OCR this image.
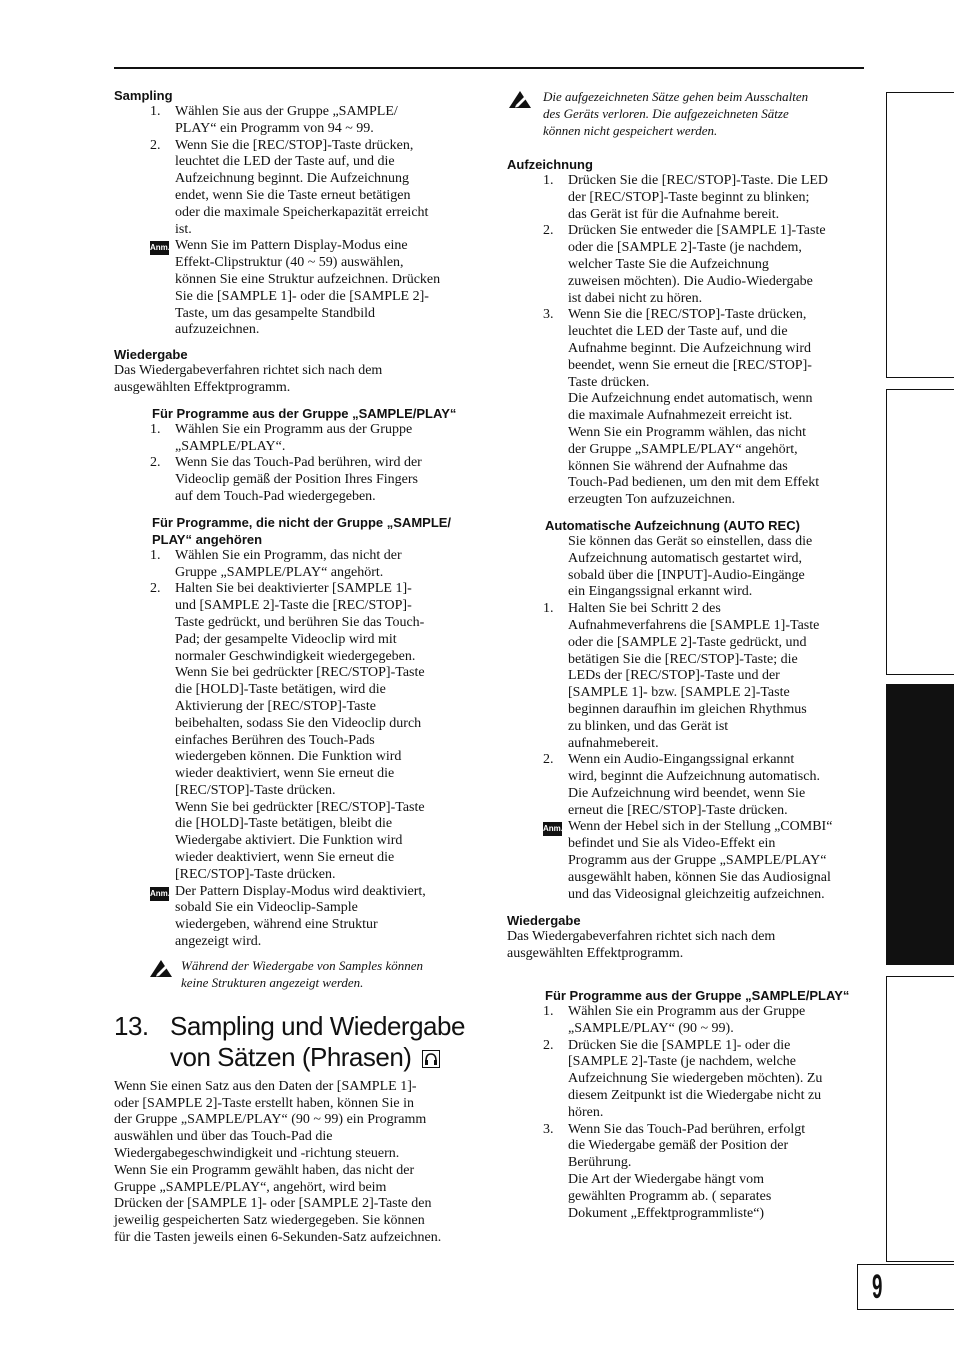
Sampling
1. Wählen Sie aus der Gruppe „SAMPLE/
PLAY“ ein Programm von 94 ~ 99.
2. Wenn Sie die [REC/STOP]-Taste drücken,
leuchtet die LED der Taste auf, und die
Aufzeichnung beginnt. Die Aufzeichnung
endet, wenn Sie die Taste erneut betätigen
oder die maximale Speicherkapazität erreicht
ist.
Anm. Wenn Sie im Pattern Display-Modus eine
Effekt-Clipstruktur (40 ~ 59) auswählen,
können Sie eine Struktur aufzeichnen. Drücken
Sie die [SAMPLE 1]- oder die [SAMPLE 2]-
Taste, um das gesampelte Standbild
aufzuzeichnen.
Wiedergabe
Das Wiedergabeverfahren richtet sich nach dem
ausgewählten Effektprogramm.
Für Programme aus der Gruppe „SAMPLE/PLAY“
1. Wählen Sie ein Programm aus der Gruppe
„SAMPLE/PLAY“.
2. Wenn Sie das Touch-Pad berühren, wird der
Videoclip gemäß der Position Ihres Fingers
auf dem Touch-Pad wiedergegeben.
Für Programme, die nicht der Gruppe „SAMPLE/
PLAY“ angehören
1. Wählen Sie ein Programm, das nicht der
Gruppe „SAMPLE/PLAY“ angehört.
2. Halten Sie bei deaktivierter [SAMPLE 1]-
und [SAMPLE 2]-Taste die [REC/STOP]-
Taste gedrückt, und berühren Sie das Touch-
Pad; der gesampelte Videoclip wird mit
normaler Geschwindigkeit wiedergegeben.
Wenn Sie bei gedrückter [REC/STOP]-Taste
die [HOLD]-Taste betätigen, wird die
Aktivierung der [REC/STOP]-Taste
beibehalten, sodass Sie den Videoclip durch
einfaches Berühren des Touch-Pads
wiedergeben können. Die Funktion wird
wieder deaktiviert, wenn Sie erneut die
[REC/STOP]-Taste drücken.
Wenn Sie bei gedrückter [REC/STOP]-Taste
die [HOLD]-Taste betätigen, bleibt die
Wiedergabe aktiviert. Die Funktion wird
wieder deaktiviert, wenn Sie erneut die
[REC/STOP]-Taste drücken.
Anm. Der Pattern Display-Modus wird deaktiviert,
sobald Sie ein Videoclip-Sample
wiedergeben, während eine Struktur
angezeigt wird.
Während der Wiedergabe von Samples können
keine Strukturen angezeigt werden.
13. Sampling und Wiedergabe
von Sätzen (Phrasen)
Wenn Sie einen Satz aus den Daten der [SAMPLE 1]-
oder [SAMPLE 2]-Taste erstellt haben, können Sie in
der Gruppe „SAMPLE/PLAY“ (90 ~ 99) ein Programm
auswählen und über das Touch-Pad die
Wiedergabegeschwindigkeit und -richtung steuern.
Wenn Sie ein Programm gewählt haben, das nicht der
Gruppe „SAMPLE/PLAY“, angehört, wird beim
Drücken der [SAMPLE 1]- oder [SAMPLE 2]-Taste den
jeweilig gespeicherten Satz wiedergegeben. Sie können
für die Tasten jeweils einen 6-Sekunden-Satz aufzeichnen.
Die aufgezeichneten Sätze gehen beim Ausschalten
des Geräts verloren. Die aufgezeichneten Sätze
können nicht gespeichert werden.
Aufzeichnung
1. Drücken Sie die [REC/STOP]-Taste. Die LED
der [REC/STOP]-Taste beginnt zu blinken;
das Gerät ist für die Aufnahme bereit.
2. Drücken Sie entweder die [SAMPLE 1]-Taste
oder die [SAMPLE 2]-Taste (je nachdem,
welcher Taste Sie die Aufzeichnung
zuweisen möchten). Die Audio-Wiedergabe
ist dabei nicht zu hören.
3. Wenn Sie die [REC/STOP]-Taste drücken,
leuchtet die LED der Taste auf, und die
Aufnahme beginnt. Die Aufzeichnung wird
beendet, wenn Sie erneut die [REC/STOP]-
Taste drücken.
Die Aufzeichnung endet automatisch, wenn
die maximale Aufnahmezeit erreicht ist.
Wenn Sie ein Programm wählen, das nicht
der Gruppe „SAMPLE/PLAY“ angehört,
können Sie während der Aufnahme das
Touch-Pad bedienen, um den mit dem Effekt
erzeugten Ton aufzuzeichnen.
Automatische Aufzeichnung (AUTO REC)
Sie können das Gerät so einstellen, dass die
Aufzeichnung automatisch gestartet wird,
sobald über die [INPUT]-Audio-Eingänge
ein Eingangssignal erkannt wird.
1. Halten Sie bei Schritt 2 des
Aufnahmeverfahrens die [SAMPLE 1]-Taste
oder die [SAMPLE 2]-Taste gedrückt, und
betätigen Sie die [REC/STOP]-Taste; die
LEDs der [REC/STOP]-Taste und der
[SAMPLE 1]- bzw. [SAMPLE 2]-Taste
beginnen daraufhin im gleichen Rhythmus
zu blinken, und das Gerät ist
aufnahmebereit.
2. Wenn ein Audio-Eingangssignal erkannt
wird, beginnt die Aufzeichnung automatisch.
Die Aufzeichnung wird beendet, wenn Sie
erneut die [REC/STOP]-Taste drücken.
Anm. Wenn der Hebel sich in der Stellung „COMBI“
befindet und Sie als Video-Effekt ein
Programm aus der Gruppe „SAMPLE/PLAY“
ausgewählt haben, können Sie das Audiosignal
und das Videosignal gleichzeitig aufzeichnen.
Wiedergabe
Das Wiedergabeverfahren richtet sich nach dem
ausgewählten Effektprogramm.
Für Programme aus der Gruppe „SAMPLE/PLAY“
1. Wählen Sie ein Programm aus der Gruppe
„SAMPLE/PLAY“ (90 ~ 99).
2. Drücken Sie die [SAMPLE 1]- oder die
[SAMPLE 2]-Taste (je nachdem, welche
Aufzeichnung Sie wiedergeben möchten). Zu
diesem Zeitpunkt ist die Wiedergabe nicht zu
hören.
3. Wenn Sie das Touch-Pad berühren, erfolgt
die Wiedergabe gemäß der Position der
Berührung.
Die Art der Wiedergabe hängt vom
gewählten Programm ab. ( separates
Dokument „Effektprogrammliste“)
9
